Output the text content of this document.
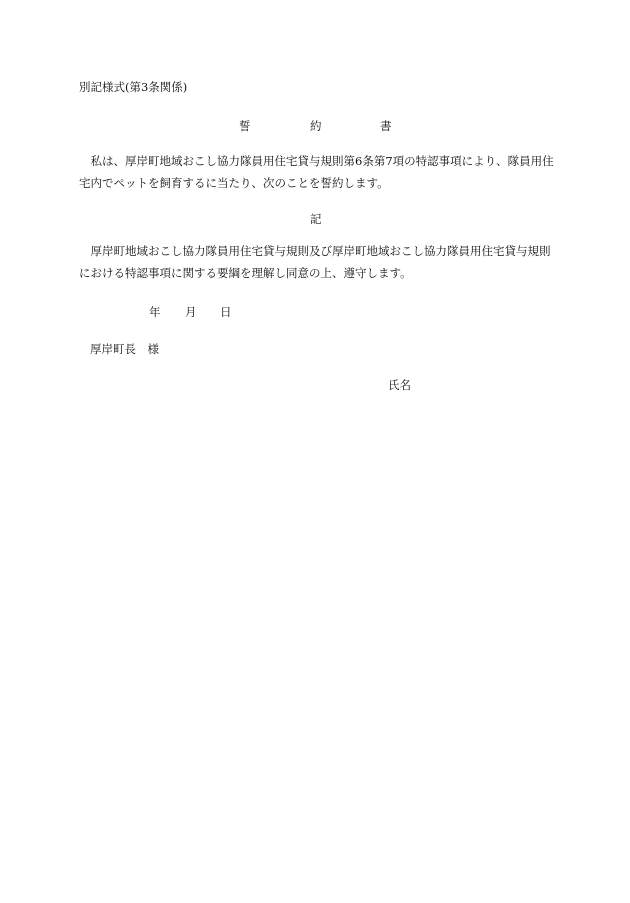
別記様式(第3条関係)
誓	約	書
私は、厚岸町地域おこし協力隊員用住宅貸与規則第6条第7項の特認事項により、隊員用住宅内でペットを飼育するに当たり、次のことを誓約します。
記
厚岸町地域おこし協力隊員用住宅貸与規則及び厚岸町地域おこし協力隊員用住宅貸与規則における特認事項に関する要綱を理解し同意の上、遵守します。
年 月 日
厚岸町長　様
氏名
